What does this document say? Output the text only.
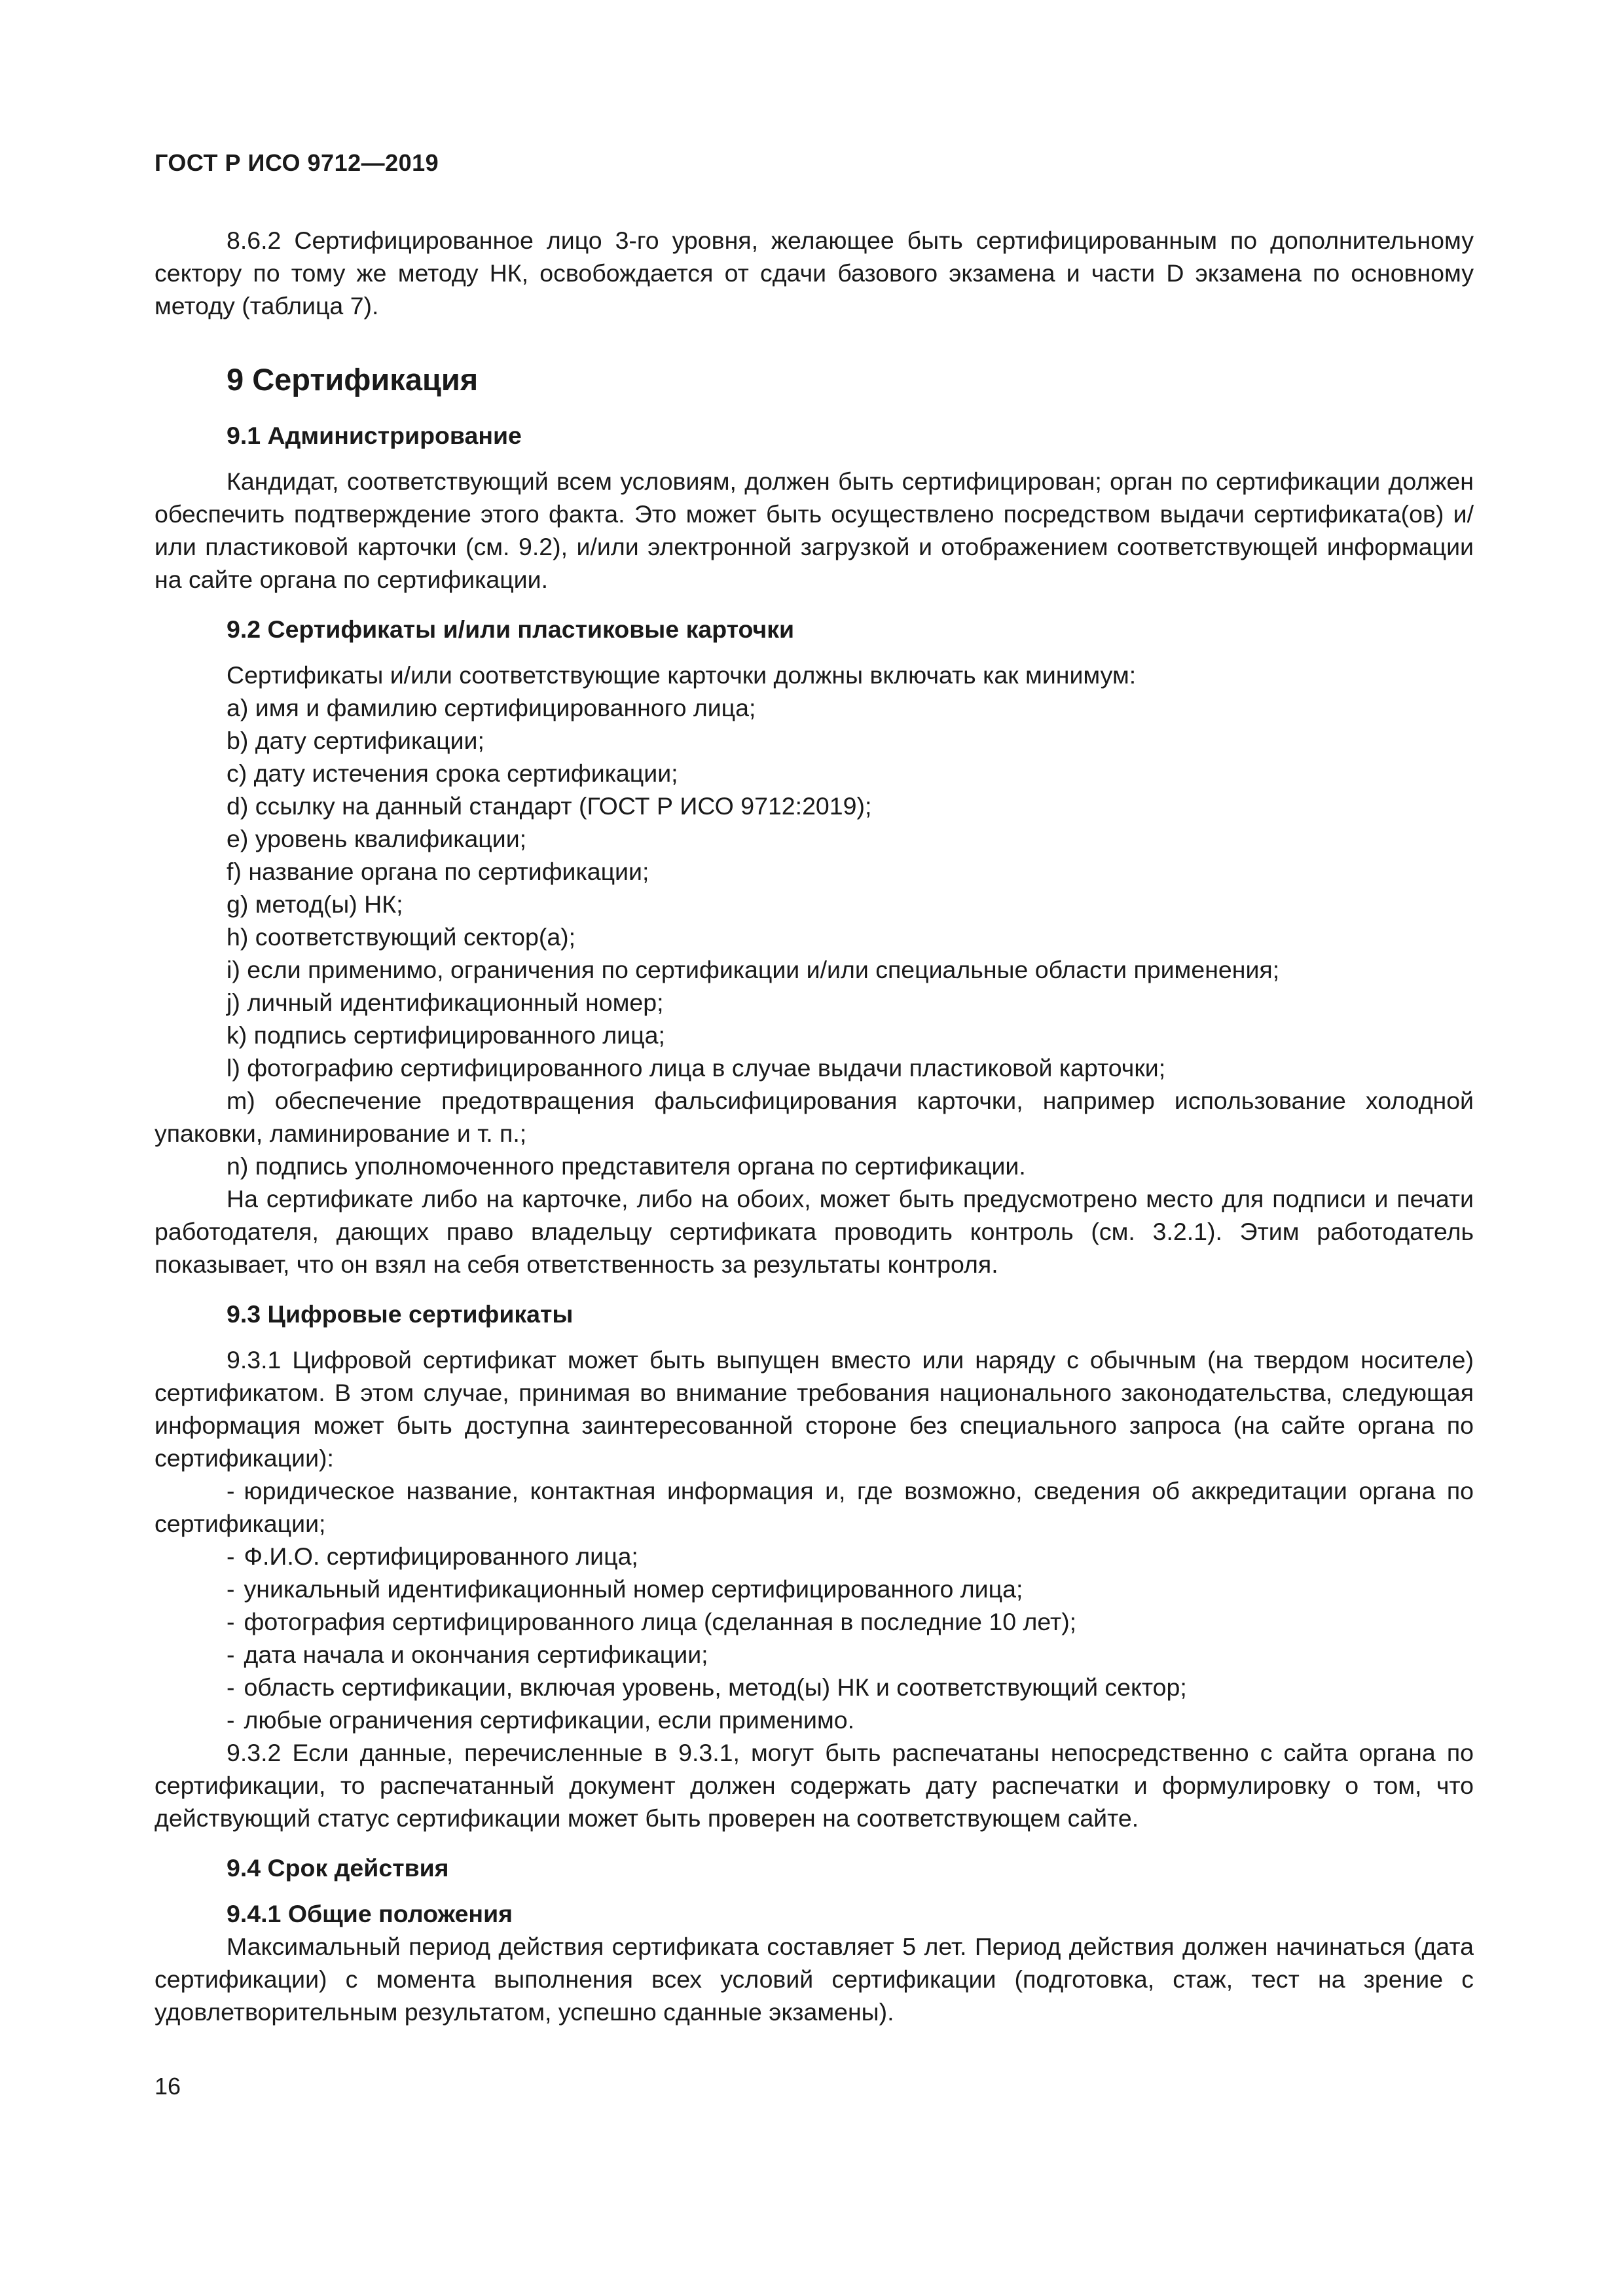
ГОСТ Р ИСО 9712—2019

8.6.2 Сертифицированное лицо 3-го уровня, желающее быть сертифицированным по дополнительному сектору по тому же методу НК, освобождается от сдачи базового экзамена и части D экзамена по основному методу (таблица 7).

9 Сертификация
9.1 Администрирование

Кандидат, соответствующий всем условиям, должен быть сертифицирован; орган по сертификации должен обеспечить подтверждение этого факта. Это может быть осуществлено посредством выдачи сертификата(ов) и/или пластиковой карточки (см. 9.2), и/или электронной загрузкой и отображением соответствующей информации на сайте органа по сертификации.

9.2 Сертификаты и/или пластиковые карточки

Сертификаты и/или соответствующие карточки должны включать как минимум:

а) имя и фамилию сертифицированного лица;

b) дату сертификации;

с) дату истечения срока сертификации;

d) ссылку на данный стандарт (ГОСТ Р ИСО 9712:2019);

е) уровень квалификации;

f) название органа по сертификации;

g) метод(ы) НК;

h) соответствующий сектор(а);

i) если применимо, ограничения по сертификации и/или специальные области применения;

j) личный идентификационный номер;

k) подпись сертифицированного лица;

l) фотографию сертифицированного лица в случае выдачи пластиковой карточки;

m) обеспечение предотвращения фальсифицирования карточки, например использование холодной упаковки, ламинирование и т. п.;

n) подпись уполномоченного представителя органа по сертификации.

На сертификате либо на карточке, либо на обоих, может быть предусмотрено место для подписи и печати работодателя, дающих право владельцу сертификата проводить контроль (см. 3.2.1). Этим работодатель показывает, что он взял на себя ответственность за результаты контроля.

9.3 Цифровые сертификаты

9.3.1 Цифровой сертификат может быть выпущен вместо или наряду с обычным (на твердом носителе) сертификатом. В этом случае, принимая во внимание требования национального законодательства, следующая информация может быть доступна заинтересованной стороне без специального запроса (на сайте органа по сертификации):

- юридическое название, контактная информация и, где возможно, сведения об аккредитации органа по сертификации;

- Ф.И.О. сертифицированного лица;

- уникальный идентификационный номер сертифицированного лица;

- фотография сертифицированного лица (сделанная в последние 10 лет);

- дата начала и окончания сертификации;

- область сертификации, включая уровень, метод(ы) НК и соответствующий сектор;

- любые ограничения сертификации, если применимо.

9.3.2 Если данные, перечисленные в 9.3.1, могут быть распечатаны непосредственно с сайта органа по сертификации, то распечатанный документ должен содержать дату распечатки и формулировку о том, что действующий статус сертификации может быть проверен на соответствующем сайте.

9.4 Срок действия
9.4.1 Общие положения

Максимальный период действия сертификата составляет 5 лет. Период действия должен начинаться (дата сертификации) с момента выполнения всех условий сертификации (подготовка, стаж, тест на зрение с удовлетворительным результатом, успешно сданные экзамены).

16
